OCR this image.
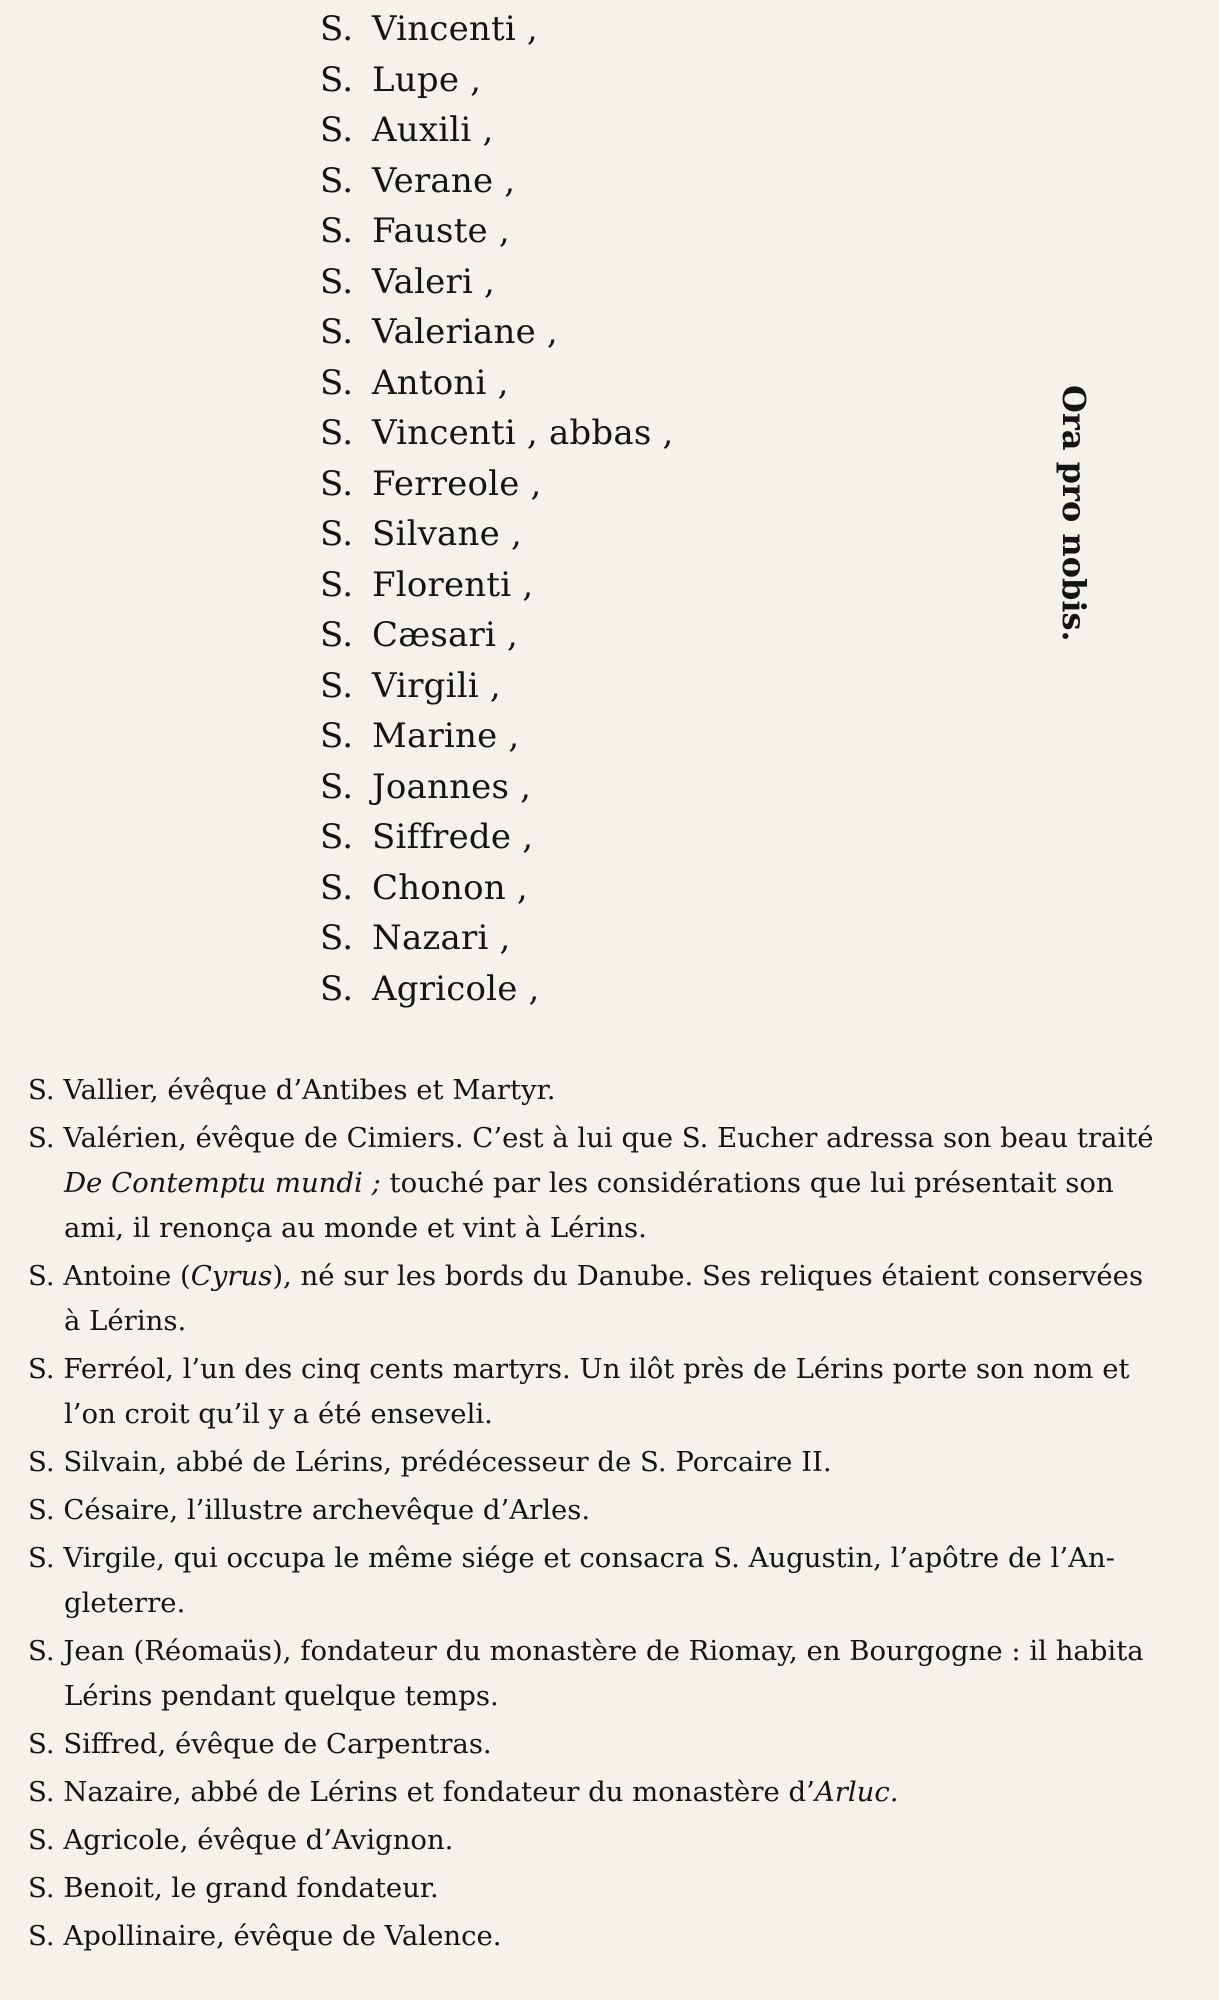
S. Vincenti ,
S. Lupe ,
S. Auxili ,
S. Verane ,
S. Fauste ,
S. Valeri ,
S. Valeriane ,
S. Antoni ,
S. Vincenti , abbas ,
S. Ferreole ,
S. Silvane ,
S. Florenti ,
S. Cæsari ,
S. Virgili ,
S. Marine ,
S. Joannes ,
S. Siffrede ,
S. Chonon ,
S. Nazari ,
S. Agricole ,
Ora pro nobis.

S. Vallier, évêque d’Antibes et Martyr.

S. Valérien, évêque de Cimiers. C’est à lui que S. Eucher adressa son beau traité
De Contemptu mundi ; touché par les considérations que lui présentait son ami, il renonça au monde et vint à Lérins.

S. Antoine (Cyrus), né sur les bords du Danube. Ses reliques étaient conservées
à Lérins.

S. Ferréol, l’un des cinq cents martyrs. Un ilôt près de Lérins porte son nom et
l’on croit qu’il y a été enseveli.

S. Silvain, abbé de Lérins, prédécesseur de S. Porcaire II.

S. Césaire, l’illustre archevêque d’Arles.

S. Virgile, qui occupa le même siége et consacra S. Augustin, l’apôtre de l’An-
gleterre.

S. Jean (Réomaüs), fondateur du monastère de Riomay, en Bourgogne : il habita
Lérins pendant quelque temps.

S. Siffred, évêque de Carpentras.

S. Nazaire, abbé de Lérins et fondateur du monastère d’Arluc.

S. Agricole, évêque d’Avignon.

S. Benoit, le grand fondateur.

S. Apollinaire, évêque de Valence.
